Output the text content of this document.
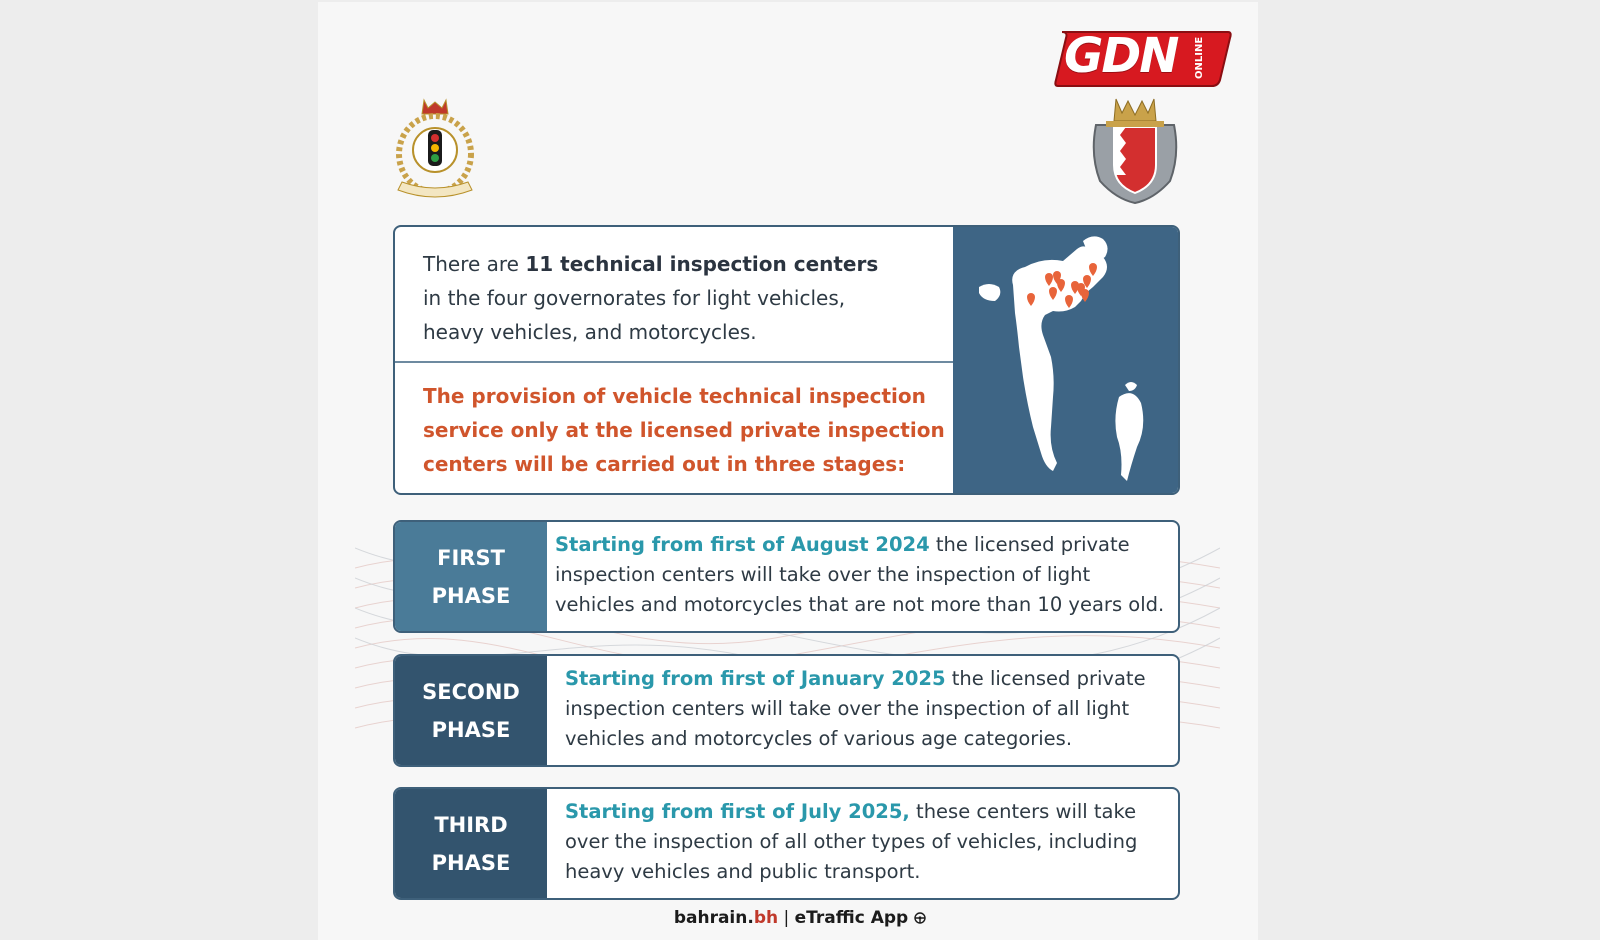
GDN ONLINE
There are 11 technical inspection centers
in the four governorates for light vehicles,
heavy vehicles, and motorcycles.
The provision of vehicle technical inspection
service only at the licensed private inspection
centers will be carried out in three stages:
FIRST
PHASE
Starting from first of August 2024 the licensed private inspection centers will take over the inspection of light vehicles and motorcycles that are not more than 10 years old.
SECOND
PHASE
Starting from first of January 2025 the licensed private inspection centers will take over the inspection of all light vehicles and motorcycles of various age categories.
THIRD
PHASE
Starting from first of July 2025, these centers will take over the inspection of all other types of vehicles, including heavy vehicles and public transport.
bahrain.bh | eTraffic App
